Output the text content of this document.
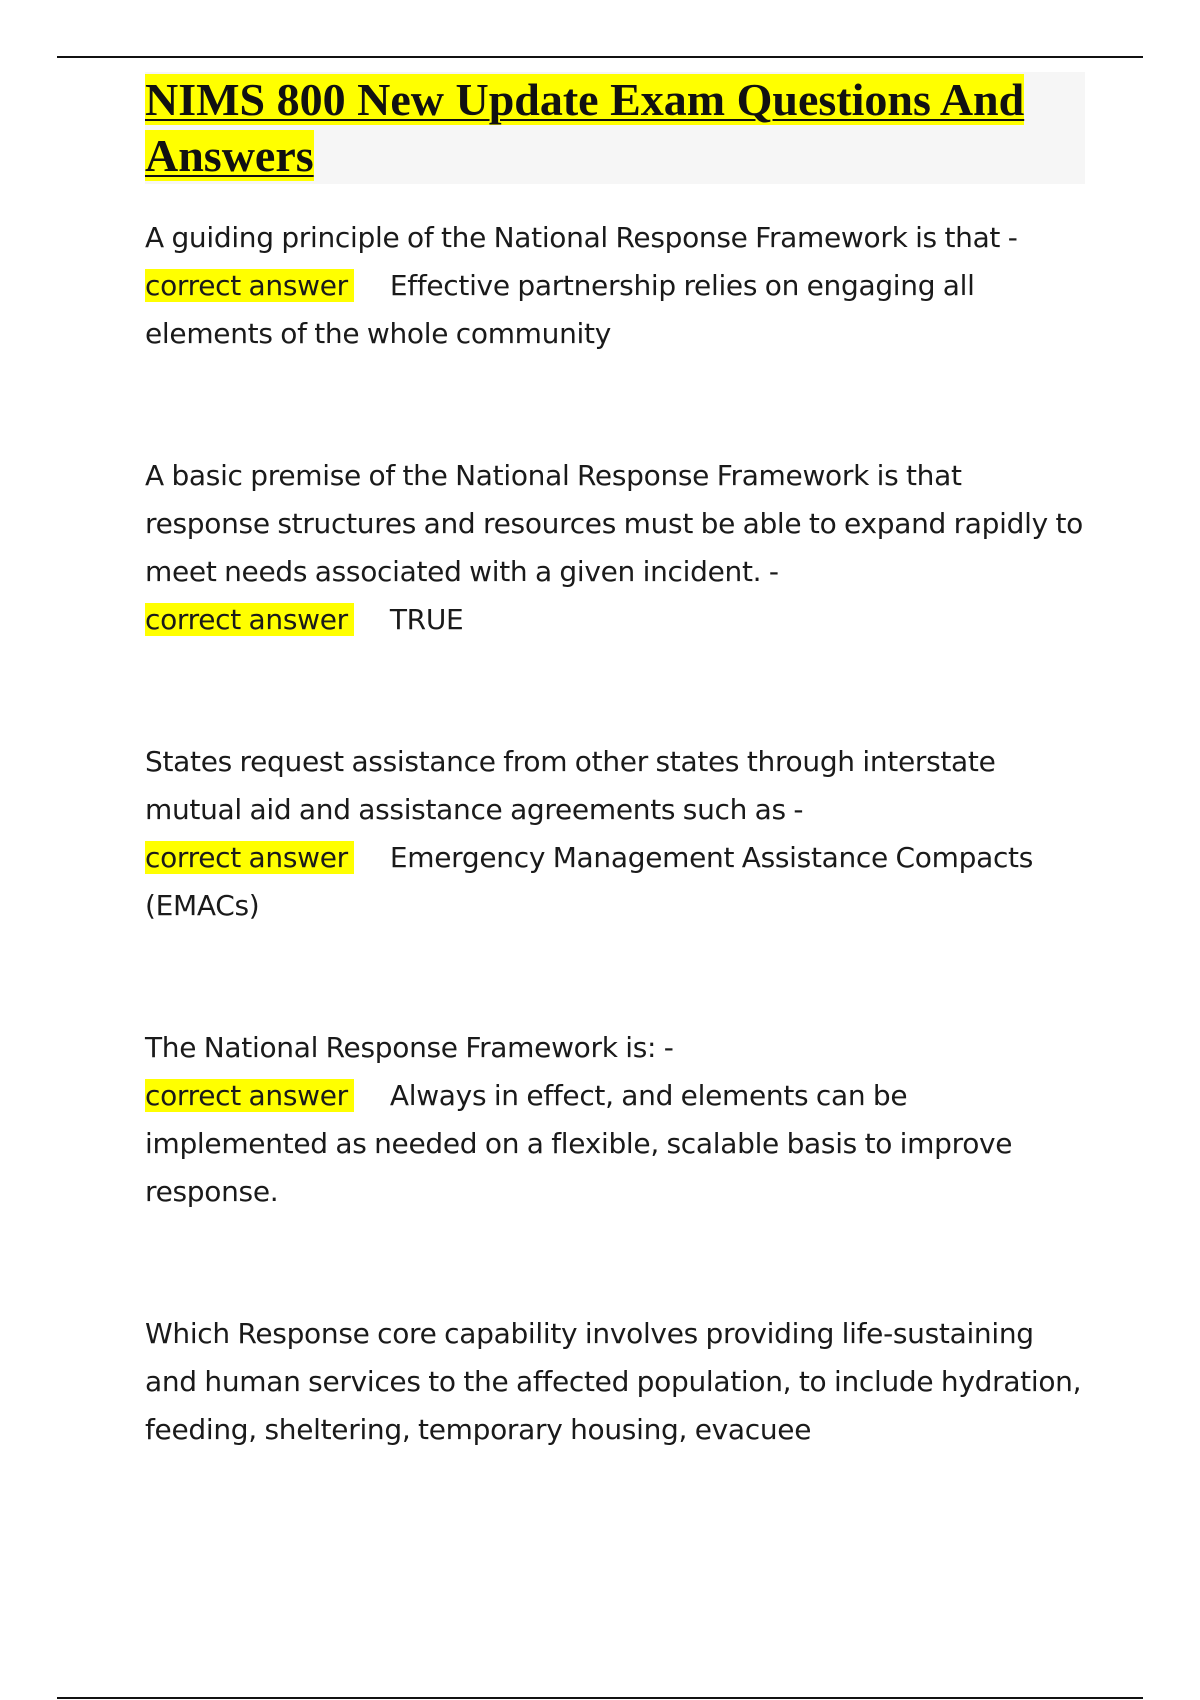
NIMS 800 New Update Exam Questions And Answers

A guiding principle of the National Response Framework is that -

correct answer Effective partnership relies on engaging all elements of the whole community

A basic premise of the National Response Framework is that response structures and resources must be able to expand rapidly to meet needs associated with a given incident. -

correct answer TRUE

States request assistance from other states through interstate mutual aid and assistance agreements such as -

correct answer Emergency Management Assistance Compacts (EMACs)

The National Response Framework is: -

correct answer Always in effect, and elements can be implemented as needed on a flexible, scalable basis to improve response.

Which Response core capability involves providing life-sustaining and human services to the affected population, to include hydration, feeding, sheltering, temporary housing, evacuee
